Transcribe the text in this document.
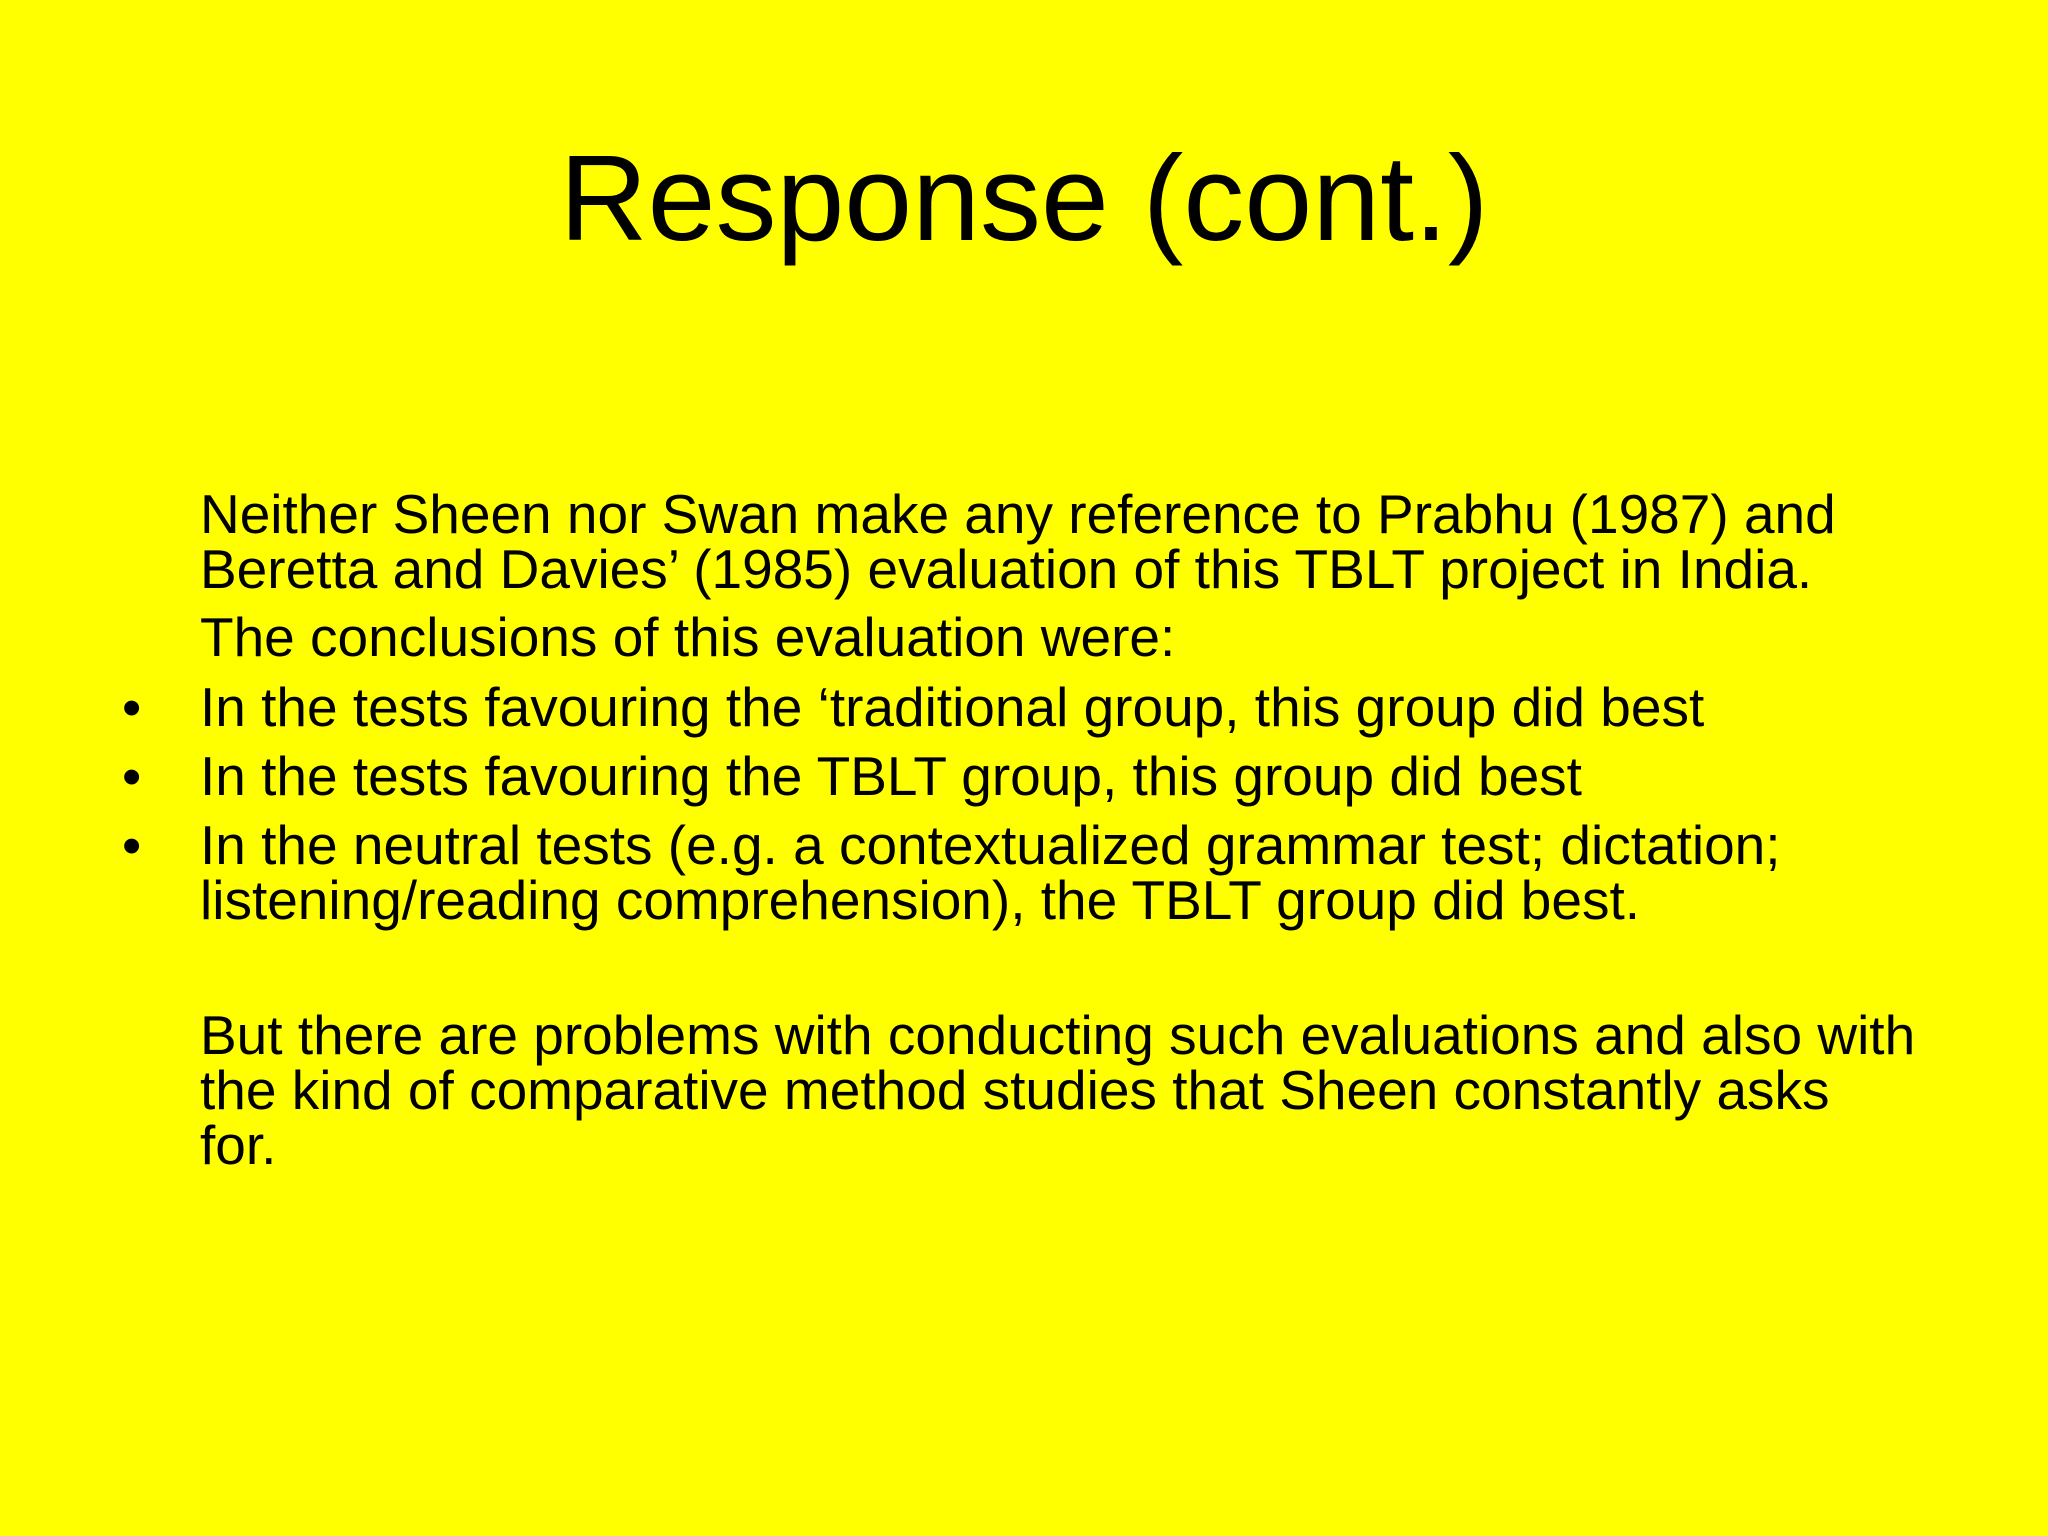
Response (cont.)

Neither Sheen nor Swan make any reference to Prabhu (1987) and Beretta and Davies’ (1985) evaluation of this TBLT project in India.

The conclusions of this evaluation were:

• In the tests favouring the ‘traditional group, this group did best
• In the tests favouring the TBLT group, this group did best
• In the neutral tests (e.g. a contextualized grammar test; dictation; listening/reading comprehension), the TBLT group did best.

But there are problems with conducting such evaluations and also with the kind of comparative method studies that Sheen constantly asks for.
